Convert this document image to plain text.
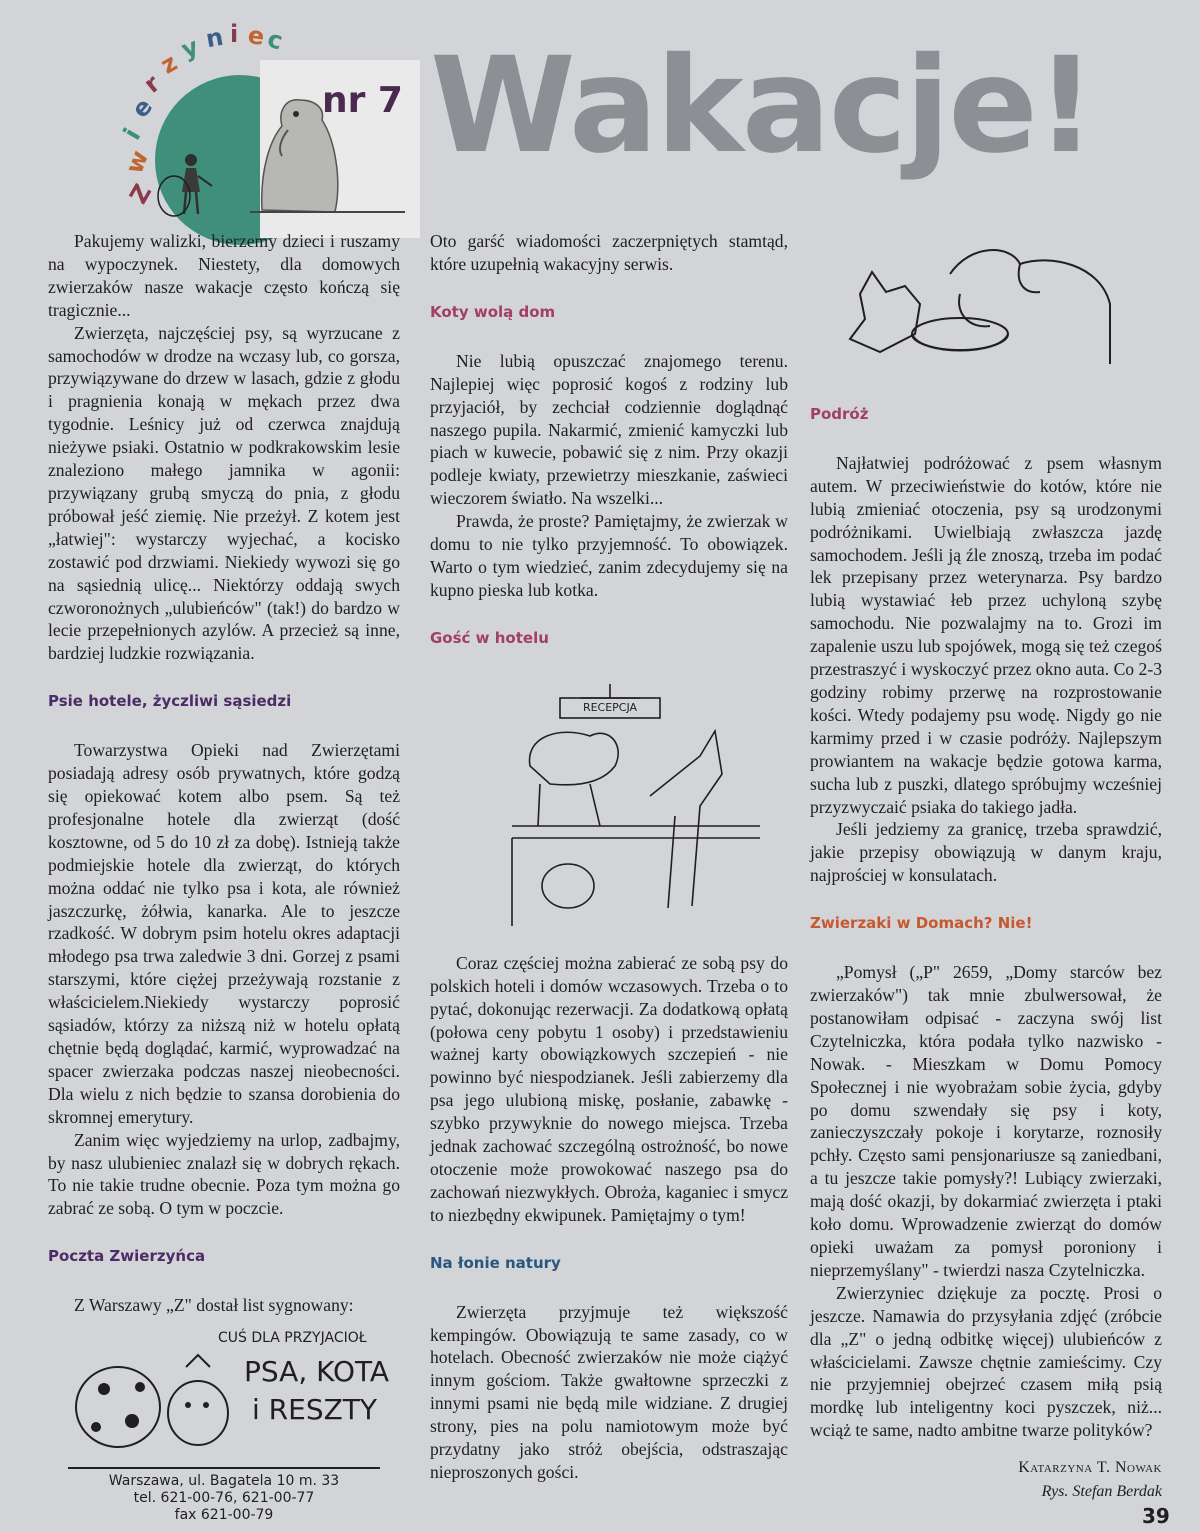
Z
w
i
e
r
z
y n i e
c
nr 7 Wakacje!

Pakujemy walizki, bierzemy dzieci i ruszamy na wypoczynek. Niestety, dla domowych zwierzaków nasze wakacje często kończą się tragicznie...

Zwierzęta, najczęściej psy, są wyrzucane z samochodów w drodze na wczasy lub, co gorsza, przywiązywane do drzew w lasach, gdzie z głodu i pragnienia konają w mękach przez dwa tygodnie. Leśnicy już od czerwca znajdują nieżywe psiaki. Ostatnio w podkrakowskim lesie znaleziono małego jamnika w agonii: przywiązany grubą smyczą do pnia, z głodu próbował jeść ziemię. Nie przeżył. Z kotem jest „łatwiej": wystarczy wyjechać, a kocisko zostawić pod drzwiami. Niekiedy wywozi się go na sąsiednią ulicę... Niektórzy oddają swych czworonożnych „ulubieńców" (tak!) do bardzo w lecie przepełnionych azylów. A przecież są inne, bardziej ludzkie rozwiązania.

Psie hotele, życzliwi sąsiedzi

Towarzystwa Opieki nad Zwierzętami posiadają adresy osób prywatnych, które godzą się opiekować kotem albo psem. Są też profesjonalne hotele dla zwierząt (dość kosztowne, od 5 do 10 zł za dobę). Istnieją także podmiejskie hotele dla zwierząt, do których można oddać nie tylko psa i kota, ale również jaszczurkę, żółwia, kanarka. Ale to jeszcze rzadkość. W dobrym psim hotelu okres adaptacji młodego psa trwa zaledwie 3 dni. Gorzej z psami starszymi, które ciężej przeżywają rozstanie z właścicielem.Niekiedy wystarczy poprosić sąsiadów, którzy za niższą niż w hotelu opłatą chętnie będą doglądać, karmić, wyprowadzać na spacer zwierzaka podczas naszej nieobecności. Dla wielu z nich będzie to szansa dorobienia do skromnej emerytury.

Zanim więc wyjedziemy na urlop, zadbajmy, by nasz ulubieniec znalazł się w dobrych rękach. To nie takie trudne obecnie. Poza tym można go zabrać ze sobą. O tym w poczcie.

Poczta Zwierzyńca

Z Warszawy „Z" dostał list sygnowany:

CUŚ DLA PRZYJACIOŁ
PSA, KOTA
i RESZTY
Warszawa, ul. Bagatela 10 m. 33
tel. 621-00-76, 621-00-77
fax 621-00-79

Oto garść wiadomości zaczerpniętych stamtąd, które uzupełnią wakacyjny serwis.

Koty wolą dom

Nie lubią opuszczać znajomego terenu. Najlepiej więc poprosić kogoś z rodziny lub przyjaciół, by zechciał codziennie doglądnąć naszego pupila. Nakarmić, zmienić kamyczki lub piach w kuwecie, pobawić się z nim. Przy okazji podleje kwiaty, przewietrzy mieszkanie, zaświeci wieczorem światło. Na wszelki...

Prawda, że proste? Pamiętajmy, że zwierzak w domu to nie tylko przyjemność. To obowiązek. Warto o tym wiedzieć, zanim zdecydujemy się na kupno pieska lub kotka.

Gość w hotelu
RECEPCJA

Coraz częściej można zabierać ze sobą psy do polskich hoteli i domów wczasowych. Trzeba o to pytać, dokonując rezerwacji. Za dodatkową opłatą (połowa ceny pobytu 1 osoby) i przedstawieniu ważnej karty obowiązkowych szczepień - nie powinno być niespodzianek. Jeśli zabierzemy dla psa jego ulubioną miskę, posłanie, zabawkę - szybko przywyknie do nowego miejsca. Trzeba jednak zachować szczególną ostrożność, bo nowe otoczenie może prowokować naszego psa do zachowań niezwykłych. Obroża, kaganiec i smycz to niezbędny ekwipunek. Pamiętajmy o tym!

Na łonie natury

Zwierzęta przyjmuje też większość kempingów. Obowiązują te same zasady, co w hotelach. Obecność zwierzaków nie może ciążyć innym gościom. Także gwałtowne sprzeczki z innymi psami nie będą mile widziane. Z drugiej strony, pies na polu namiotowym może być przydatny jako stróż obejścia, odstraszając nieproszonych gości.

Podróż

Najłatwiej podróżować z psem własnym autem. W przeciwieństwie do kotów, które nie lubią zmieniać otoczenia, psy są urodzonymi podróżnikami. Uwielbiają zwłaszcza jazdę samochodem. Jeśli ją źle znoszą, trzeba im podać lek przepisany przez weterynarza. Psy bardzo lubią wystawiać łeb przez uchyloną szybę samochodu. Nie pozwalajmy na to. Grozi im zapalenie uszu lub spojówek, mogą się też czegoś przestraszyć i wyskoczyć przez okno auta. Co 2-3 godziny robimy przerwę na rozprostowanie kości. Wtedy podajemy psu wodę. Nigdy go nie karmimy przed i w czasie podróży. Najlepszym prowiantem na wakacje będzie gotowa karma, sucha lub z puszki, dlatego spróbujmy wcześniej przyzwyczaić psiaka do takiego jadła.

Jeśli jedziemy za granicę, trzeba sprawdzić, jakie przepisy obowiązują w danym kraju, najprościej w konsulatach.

Zwierzaki w Domach? Nie!

„Pomysł („P" 2659, „Domy starców bez zwierzaków") tak mnie zbulwersował, że postanowiłam odpisać - zaczyna swój list Czytelniczka, która podała tylko nazwisko - Nowak. - Mieszkam w Domu Pomocy Społecznej i nie wyobrażam sobie życia, gdyby po domu szwendały się psy i koty, zanieczyszczały pokoje i korytarze, roznosiły pchły. Często sami pensjonariusze są zaniedbani, a tu jeszcze takie pomysły?! Lubiący zwierzaki, mają dość okazji, by dokarmiać zwierzęta i ptaki koło domu. Wprowadzenie zwierząt do domów opieki uważam za pomysł poroniony i nieprzemyślany" - twierdzi nasza Czytelniczka.

Zwierzyniec dziękuje za pocztę. Prosi o jeszcze. Namawia do przysyłania zdjęć (zróbcie dla „Z" o jedną odbitkę więcej) ulubieńców z właścicielami. Zawsze chętnie zamieścimy. Czy nie przyjemniej obejrzeć czasem miłą psią mordkę lub inteligentny koci pyszczek, niż... wciąż te same, nadto ambitne twarze polityków?

Katarzyna T. Nowak
Rys. Stefan Berdak
39
